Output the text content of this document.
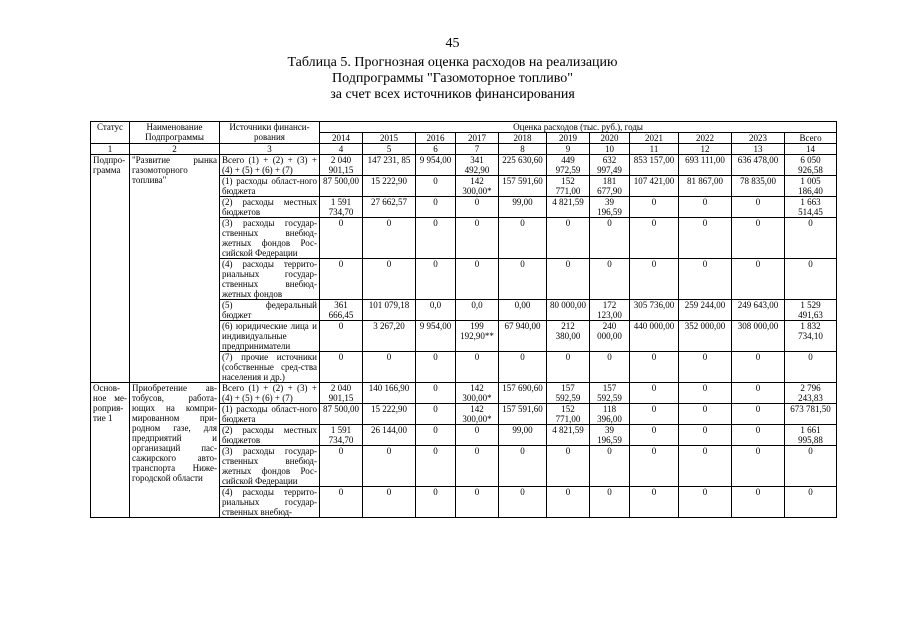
45
Таблица 5. Прогнозная оценка расходов на реализацию
Подпрограммы "Газомоторное топливо"
за счет всех источников финансирования
Статус	Наименование Подпрограммы	Источники финанси-рования	Оценка расходов (тыс. руб.), годы										
			2014	2015	2016	2017	2018	2019	2020	2021	2022	2023	Всего
1	2	3	4	5	6	7	8	9	10	11	12	13	14
Подпро-грамма	"Развитие рынка газомоторного топлива"	Всего (1) + (2) + (3) + (4) + (5) + (6) + (7)	2 040 901,15	147 231, 85	9 954,00	341 492,90	225 630,60	449 972,59	632 997,49	853 157,00	693 111,00	636 478,00	6 050 926,58
		(1) расходы област-ного бюджета	87 500,00	15 222,90	0	142 300,00*	157 591,60	152 771,00	181 677,90	107 421,00	81 867,00	78 835,00	1 005 186,40
		(2) расходы местных бюджетов	1 591 734,70	27 662,57	0	0	99,00	4 821,59	39 196,59	0	0	0	1 663 514,45
		(3) расходы государ-ственных внебюд-жетных фондов Рос-сийской Федерации	0	0	0	0	0	0	0	0	0	0	0
		(4) расходы террито-риальных государ-ственных внебюд-жетных фондов	0	0	0	0	0	0	0	0	0	0	0
		(5) федеральный бюджет	361 666,45	101 079,18	0,0	0,0	0,00	80 000,00	172 123,00	305 736,00	259 244,00	249 643,00	1 529 491,63
		(6) юридические лица и индивидуальные предприниматели	0	3 267,20	9 954,00	199 192,90**	67 940,00	212 380,00	240 000,00	440 000,00	352 000,00	308 000,00	1 832 734,10
		(7) прочие источники (собственные сред-ства населения и др.)	0	0	0	0	0	0	0	0	0	0	0
Основ-ное ме-роприя-тие 1	Приобретение ав-тобусов, работа-ющих на компри-мированном при-родном газе, для предприятий и организаций пас-сажирского авто-транспорта Ниже-городской области	Всего (1) + (2) + (3) + (4) + (5) + (6) + (7)	2 040 901,15	140 166,90	0	142 300,00*	157 690,60	157 592,59	157 592,59	0	0	0	2 796 243,83
		(1) расходы област-ного бюджета	87 500,00	15 222,90	0	142 300,00*	157 591,60	152 771,00	118 396,00	0	0	0	673 781,50
		(2) расходы местных бюджетов	1 591 734,70	26 144,00	0	0	99,00	4 821,59	39 196,59	0	0	0	1 661 995,88
		(3) расходы государ-ственных внебюд-жетных фондов Рос-сийской Федерации	0	0	0	0	0	0	0	0	0	0	0
		(4) расходы террито-риальных государ-ственных внебюд-	0	0	0	0	0	0	0	0	0	0	0
